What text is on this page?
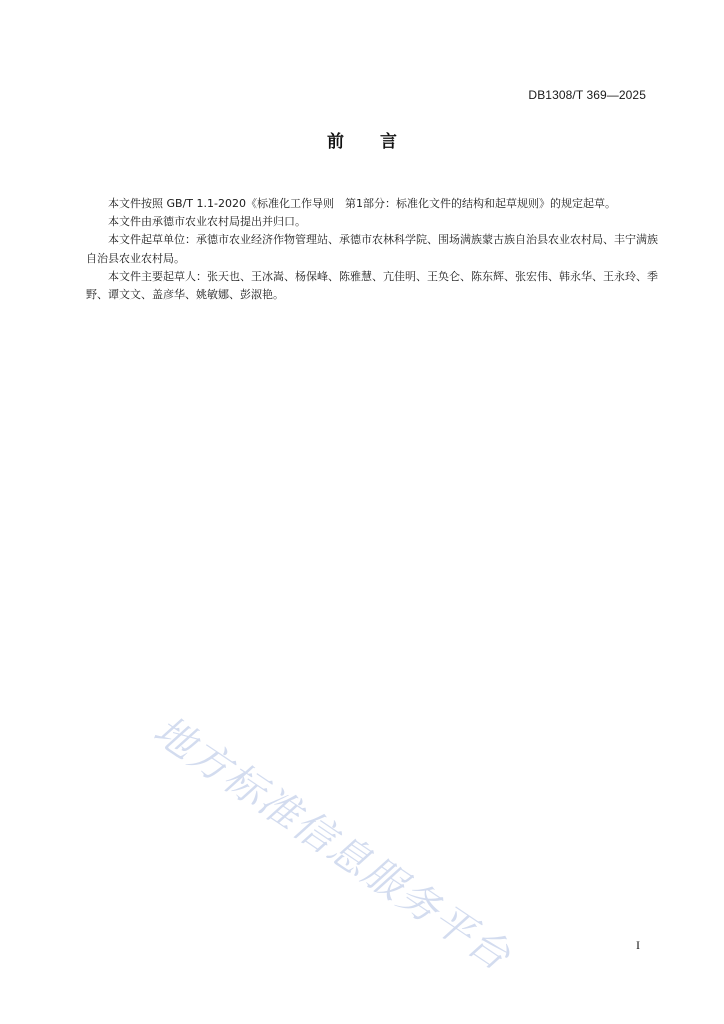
DB1308/T 369—2025
前言

本文件按照 GB/T 1.1-2020《标准化工作导则　第1部分：标准化文件的结构和起草规则》的规定起草。

本文件由承德市农业农村局提出并归口。

本文件起草单位：承德市农业经济作物管理站、承德市农林科学院、围场满族蒙古族自治县农业农村局、丰宁满族自治县农业农村局。

本文件主要起草人：张天也、王冰嵩、杨保峰、陈雅慧、亢佳明、王奂仑、陈东辉、张宏伟、韩永华、王永玲、季野、谭文文、盖彦华、姚敏娜、彭淑艳。

地方标准信息服务平台	I
